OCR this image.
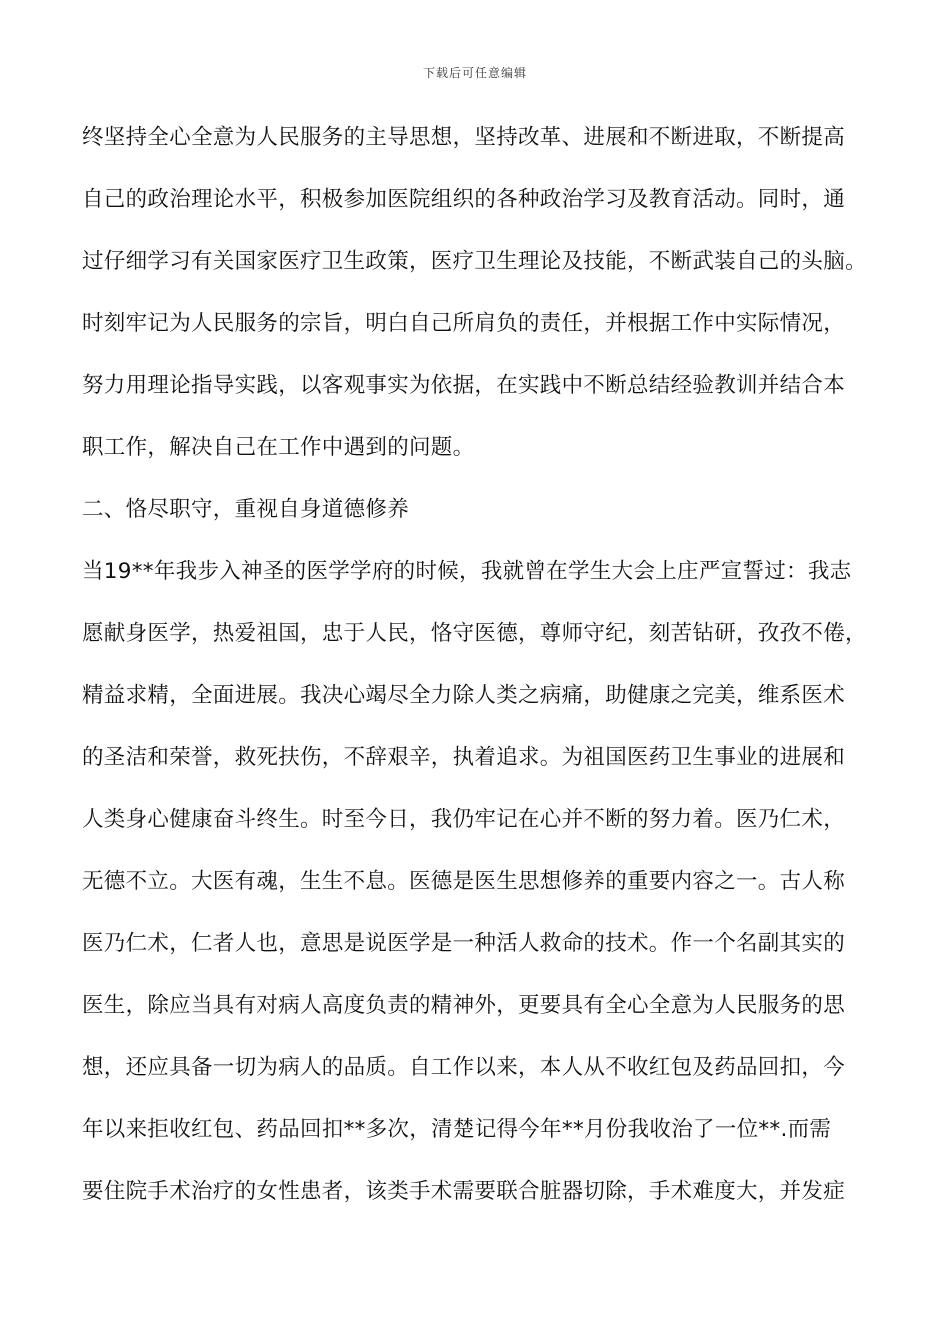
下载后可任意编辑
终坚持全心全意为人民服务的主导思想，坚持改革、进展和不断进取，不断提高
自己的政治理论水平，积极参加医院组织的各种政治学习及教育活动。同时，通
过仔细学习有关国家医疗卫生政策，医疗卫生理论及技能，不断武装自己的头脑。
时刻牢记为人民服务的宗旨，明白自己所肩负的责任，并根据工作中实际情况，
努力用理论指导实践，以客观事实为依据，在实践中不断总结经验教训并结合本
职工作，解决自己在工作中遇到的问题。
二、恪尽职守，重视自身道德修养
当19**年我步入神圣的医学学府的时候，我就曾在学生大会上庄严宣誓过：我志
愿献身医学，热爱祖国，忠于人民，恪守医德，尊师守纪，刻苦钻研，孜孜不倦，
精益求精，全面进展。我决心竭尽全力除人类之病痛，助健康之完美，维系医术
的圣洁和荣誉，救死扶伤，不辞艰辛，执着追求。为祖国医药卫生事业的进展和
人类身心健康奋斗终生。时至今日，我仍牢记在心并不断的努力着。医乃仁术，
无德不立。大医有魂，生生不息。医德是医生思想修养的重要内容之一。古人称
医乃仁术，仁者人也，意思是说医学是一种活人救命的技术。作一个名副其实的
医生，除应当具有对病人高度负责的精神外，更要具有全心全意为人民服务的思
想，还应具备一切为病人的品质。自工作以来，本人从不收红包及药品回扣，今
年以来拒收红包、药品回扣**多次，清楚记得今年**月份我收治了一位**.而需
要住院手术治疗的女性患者，该类手术需要联合脏器切除，手术难度大，并发症
